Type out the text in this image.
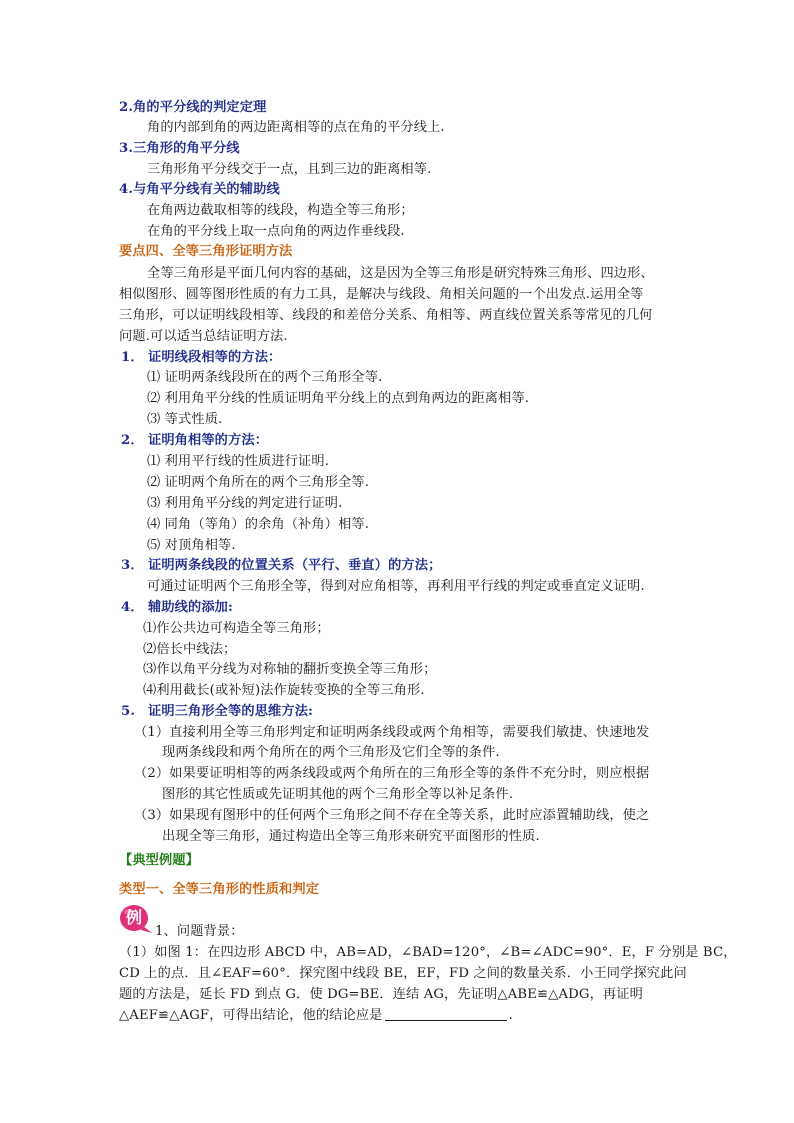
2.角的平分线的判定定理
角的内部到角的两边距离相等的点在角的平分线上.
3.三角形的角平分线
三角形角平分线交于一点，且到三边的距离相等.
4.与角平分线有关的辅助线
在角两边截取相等的线段，构造全等三角形；
在角的平分线上取一点向角的两边作垂线段.
要点四、全等三角形证明方法
全等三角形是平面几何内容的基础，这是因为全等三角形是研究特殊三角形、四边形、
相似图形、圆等图形性质的有力工具，是解决与线段、角相关问题的一个出发点.运用全等
三角形，可以证明线段相等、线段的和差倍分关系、角相等、两直线位置关系等常见的几何
问题.可以适当总结证明方法.
1． 证明线段相等的方法：
⑴ 证明两条线段所在的两个三角形全等.
⑵ 利用角平分线的性质证明角平分线上的点到角两边的距离相等.
⑶ 等式性质.
2． 证明角相等的方法：
⑴ 利用平行线的性质进行证明.
⑵ 证明两个角所在的两个三角形全等.
⑶ 利用角平分线的判定进行证明.
⑷ 同角（等角）的余角（补角）相等.
⑸ 对顶角相等.
3． 证明两条线段的位置关系（平行、垂直）的方法；
可通过证明两个三角形全等，得到对应角相等，再利用平行线的判定或垂直定义证明.
4． 辅助线的添加:
⑴作公共边可构造全等三角形；
⑵倍长中线法；
⑶作以角平分线为对称轴的翻折变换全等三角形；
⑷利用截长(或补短)法作旋转变换的全等三角形.
5. 证明三角形全等的思维方法:
（1）直接利用全等三角形判定和证明两条线段或两个角相等，需要我们敏捷、快速地发
现两条线段和两个角所在的两个三角形及它们全等的条件.
（2）如果要证明相等的两条线段或两个角所在的三角形全等的条件不充分时，则应根据
图形的其它性质或先证明其他的两个三角形全等以补足条件.
（3）如果现有图形中的任何两个三角形之间不存在全等关系，此时应添置辅助线，使之
出现全等三角形，通过构造出全等三角形来研究平面图形的性质.
【典型例题】
类型一、全等三角形的性质和判定
例
1、问题背景：
（1）如图 1：在四边形 ABCD 中，AB=AD，∠BAD=120°，∠B=∠ADC=90°．E，F 分别是 BC，
CD 上的点．且∠EAF=60°．探究图中线段 BE，EF，FD 之间的数量关系．小王同学探究此问
题的方法是，延长 FD 到点 G．使 DG=BE．连结 AG，先证明△ABE≌△ADG，再证明
△AEF≌△AGF，可得出结论，他的结论应是	.
